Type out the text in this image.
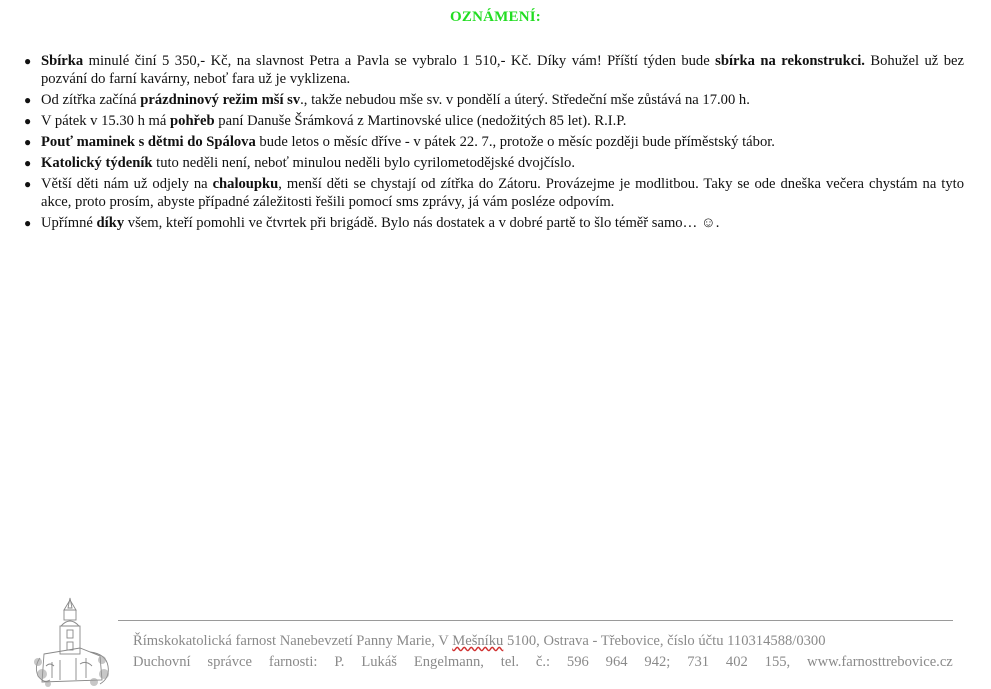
OZNÁMENÍ:
● Sbírka minulé činí 5 350,- Kč, na slavnost Petra a Pavla se vybralo 1 510,- Kč. Díky vám! Příští týden bude sbírka na rekonstrukci. Bohužel už bez pozvání do farní kavárny, neboť fara už je vyklizena.
● Od zítřka začíná prázdninový režim mší sv., takže nebudou mše sv. v pondělí a úterý. Středeční mše zůstává na 17.00 h.
● V pátek v 15.30 h má pohřeb paní Danuše Šrámková z Martinovské ulice (nedožitých 85 let). R.I.P.
● Pouť maminek s dětmi do Spálova bude letos o měsíc dříve - v pátek 22. 7., protože o měsíc později bude příměstský tábor.
● Katolický týdeník tuto neděli není, neboť minulou neděli bylo cyrilometodějské dvojčíslo.
● Větší děti nám už odjely na chaloupku, menší děti se chystají od zítřka do Zátoru. Provázejme je modlitbou. Taky se ode dneška večera chystám na tyto akce, proto prosím, abyste případné záležitosti řešili pomocí sms zprávy, já vám posléze odpovím.
● Upřímné díky všem, kteří pomohli ve čtvrtek při brigádě. Bylo nás dostatek a v dobré partě to šlo téměř samo… ☺.
Římskokatolická farnost Nanebevzetí Panny Marie, V Mešníku 5100, Ostrava - Třebovice, číslo účtu 110314588/0300
Duchovní správce farnosti: P. Lukáš Engelmann, tel. č.: 596 964 942; 731 402 155, www.farnosttrebovice.cz
